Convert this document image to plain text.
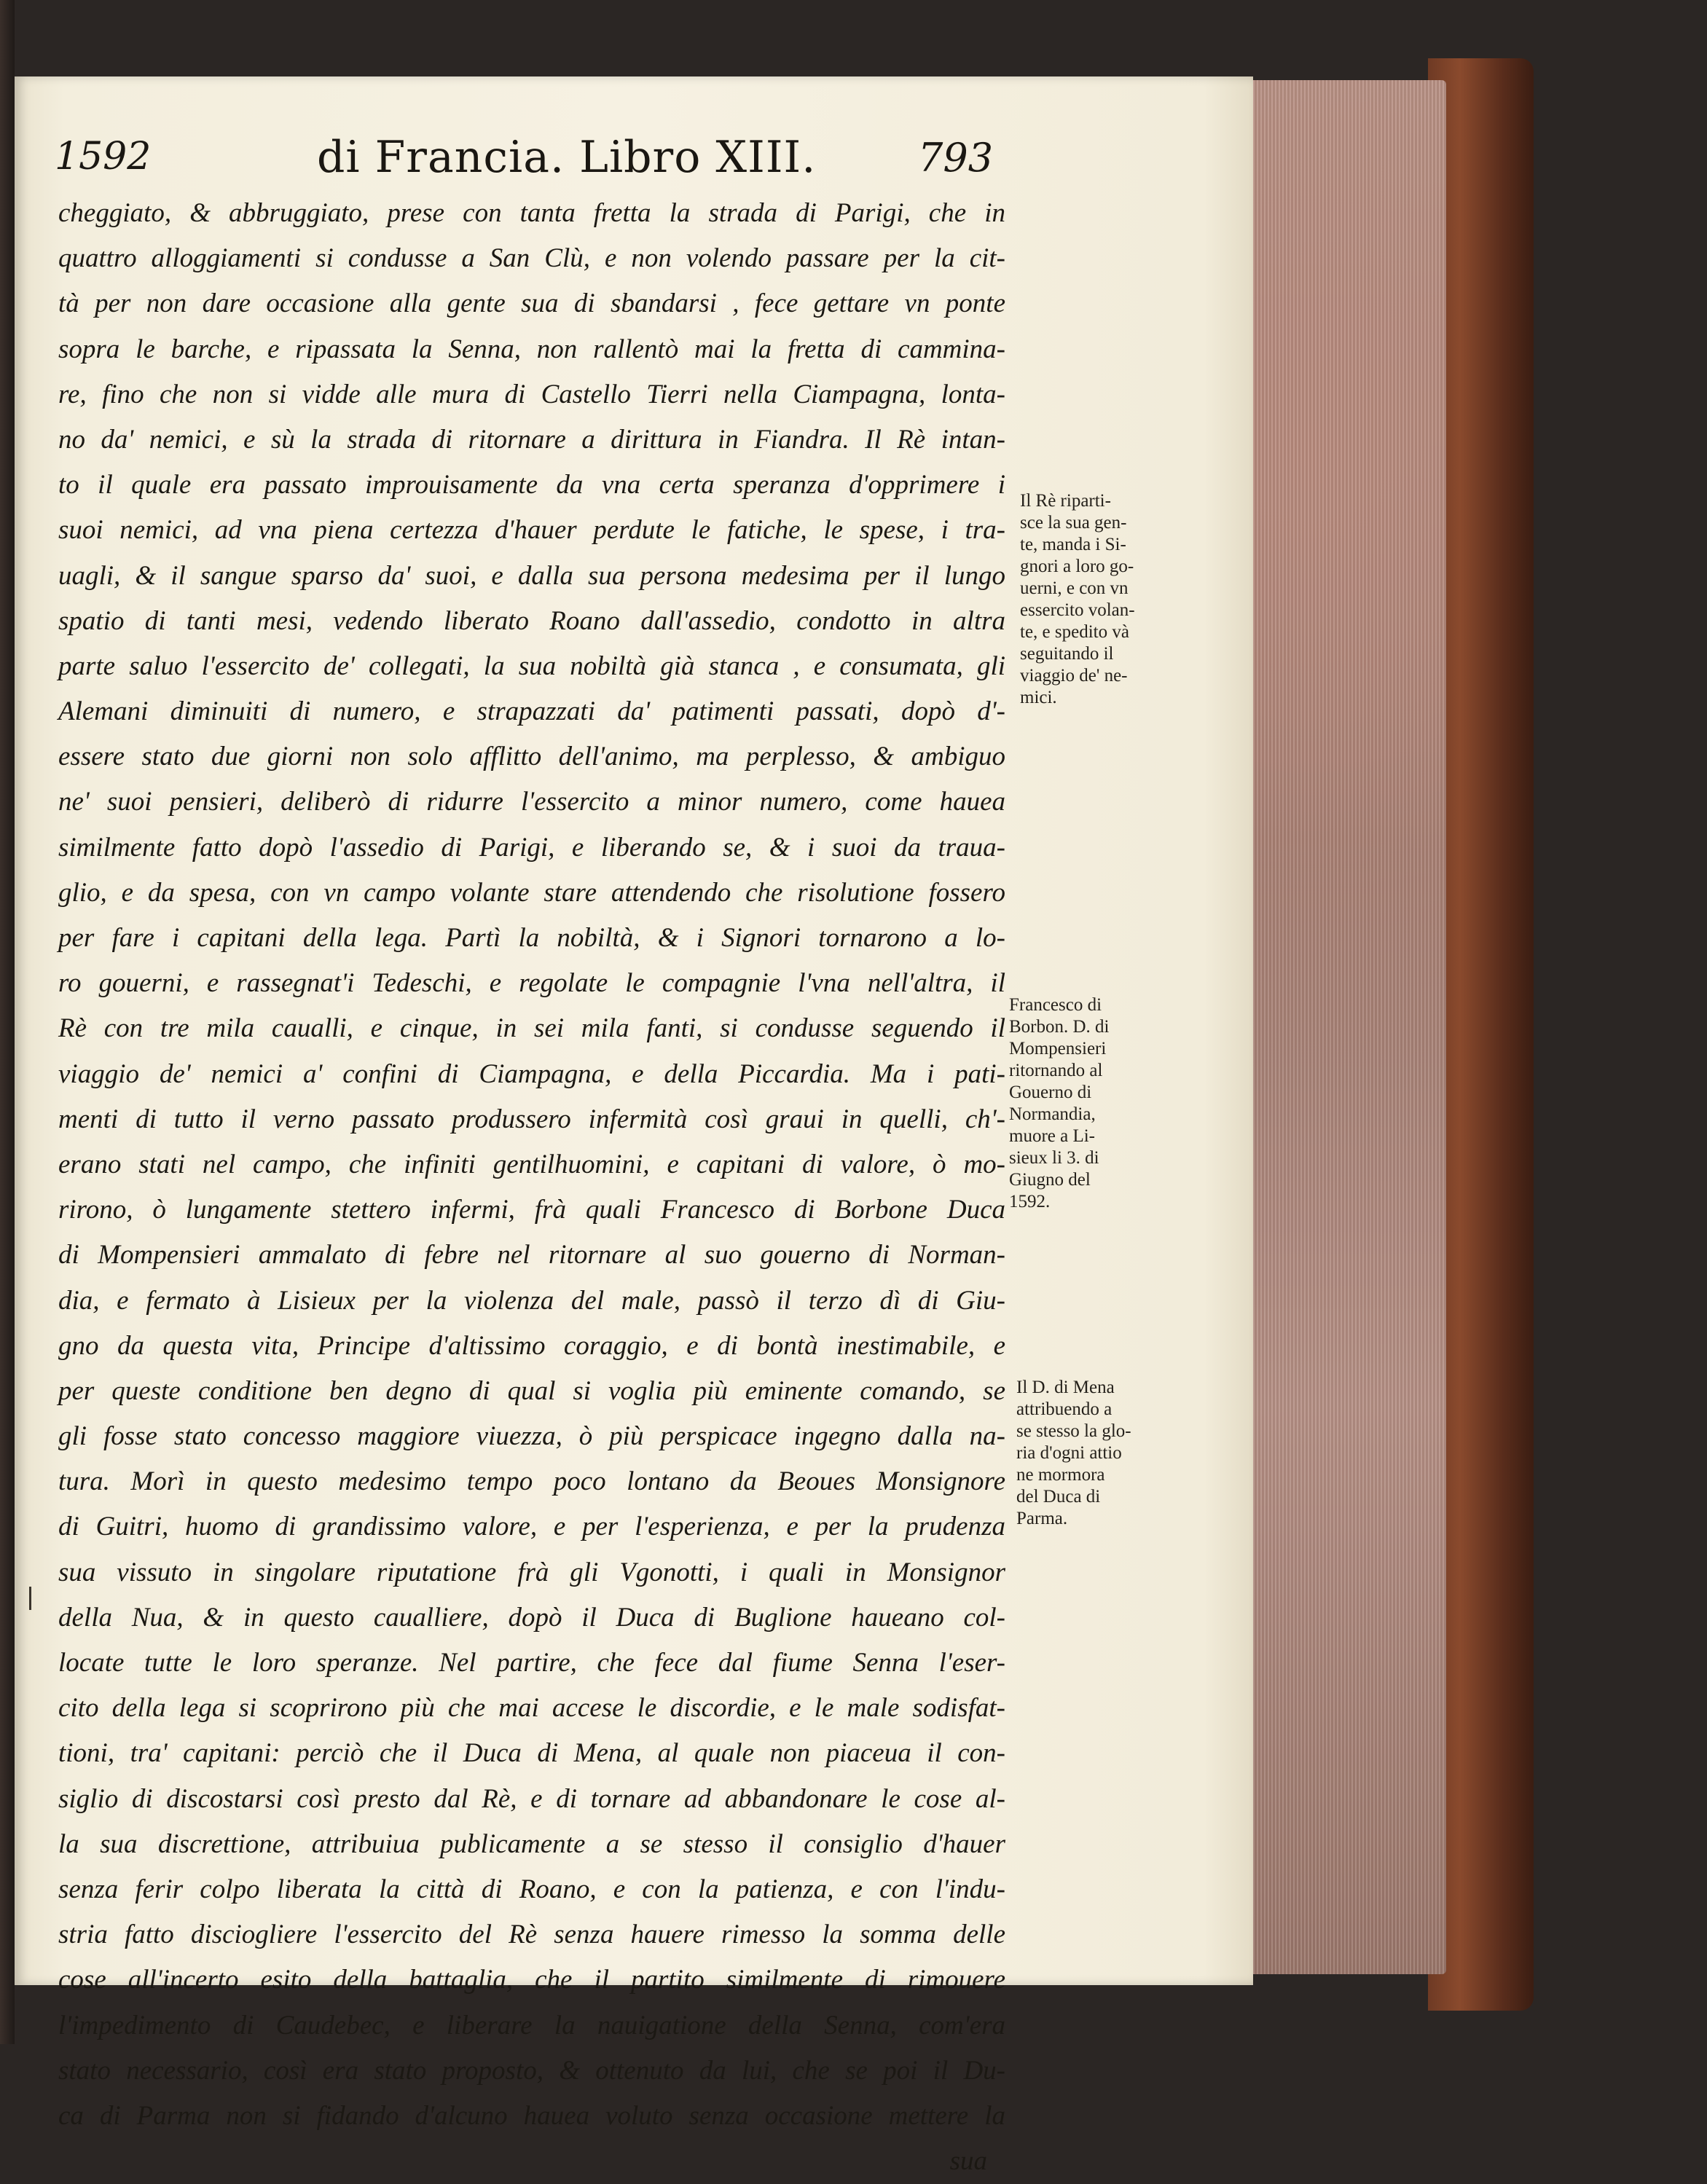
1592	di Francia. Libro XIII.	793
cheggiato, & abbruggiato, prese con tanta fretta la strada di Parigi, che in
quattro alloggiamenti si condusse a San Clù, e non volendo passare per la cit-
tà per non dare occasione alla gente sua di sbandarsi , fece gettare vn ponte
sopra le barche, e ripassata la Senna, non rallentò mai la fretta di cammina-
re, fino che non si vidde alle mura di Castello Tierri nella Ciampagna, lonta-
no da' nemici, e sù la strada di ritornare a dirittura in Fiandra. Il Rè intan-
to il quale era passato improuisamente da vna certa speranza d'opprimere i
suoi nemici, ad vna piena certezza d'hauer perdute le fatiche, le spese, i tra-
uagli, & il sangue sparso da' suoi, e dalla sua persona medesima per il lungo
spatio di tanti mesi, vedendo liberato Roano dall'assedio, condotto in altra
parte saluo l'essercito de' collegati, la sua nobiltà già stanca , e consumata, gli
Alemani diminuiti di numero, e strapazzati da' patimenti passati, dopò d'-
essere stato due giorni non solo afflitto dell'animo, ma perplesso, & ambiguo
ne' suoi pensieri, deliberò di ridurre l'essercito a minor numero, come haueа
similmente fatto dopò l'assedio di Parigi, e liberando se, & i suoi da traua-
glio, e da spesa, con vn campo volante stare attendendo che risolutione fossero
per fare i capitani della lega. Partì la nobiltà, & i Signori tornarono a lo-
ro gouerni, e rassegnat'i Tedeschi, e regolate le compagnie l'vna nell'altra, il
Rè con tre mila caualli, e cinque, in sei mila fanti, si condusse seguendo il
viaggio de' nemici a' confini di Ciampagna, e della Piccardia. Ma i pati-
menti di tutto il verno passato produssero infermità così graui in quelli, ch'-
erano stati nel campo, che infiniti gentilhuomini, e capitani di valore, ò mo-
rirono, ò lungamente stettero infermi, frà quali Francesco di Borbone Duca
di Mompensieri ammalato di febre nel ritornare al suo gouerno di Norman-
dia, e fermato à Lisieux per la violenza del male, passò il terzo dì di Giu-
gno da questa vita, Principe d'altissimo coraggio, e di bontà inestimabile, e
per queste conditione ben degno di qual si voglia più eminente comando, se
gli fosse stato concesso maggiore viuezza, ò più perspicace ingegno dalla na-
tura. Morì in questo medesimo tempo poco lontano da Beoues Monsignore
di Guitri, huomo di grandissimo valore, e per l'esperienza, e per la prudenza
sua vissuto in singolare riputatione frà gli Vgonotti, i quali in Monsignor
della Nua, & in questo caualliere, dopò il Duca di Buglione haueano col-
locate tutte le loro speranze. Nel partire, che fece dal fiume Senna l'eser-
cito della lega si scoprirono più che mai accese le discordie, e le male sodisfat-
tioni, tra' capitani: perciò che il Duca di Mena, al quale non piaceua il con-
siglio di discostarsi così presto dal Rè, e di tornare ad abbandonare le cose al-
la sua discrettione, attribuiua publicamente a se stesso il consiglio d'hauer
senza ferir colpo liberata la città di Roano, e con la patienza, e con l'indu-
stria fatto disciogliere l'essercito del Rè senza hauere rimesso la somma delle
cose all'incerto esito della battaglia, che il partito similmente di rimouere
l'impedimento di Caudebec, e liberare la nauigatione della Senna, com'era
stato necessario, così era stato proposto, & ottenuto da lui, che se poi il Du-
ca di Parma non si fidando d'alcuno hauea voluto senza occasione mettere la
sua
Il Rè riparti-
sce la sua gen-
te, manda i Si-
gnori a loro go-
uerni, e con vn
essercito volan-
te, e spedito và
seguitando il
viaggio de' ne-
mici.
Francesco di
Borbon. D. di
Mompensieri
ritornando al
Gouerno di
Normandia,
muore a Li-
sieux li 3. di
Giugno del
1592.
Il D. di Mena
attribuendo a
se stesso la glo-
ria d'ogni attio
ne mormora
del Duca di
Parma.
